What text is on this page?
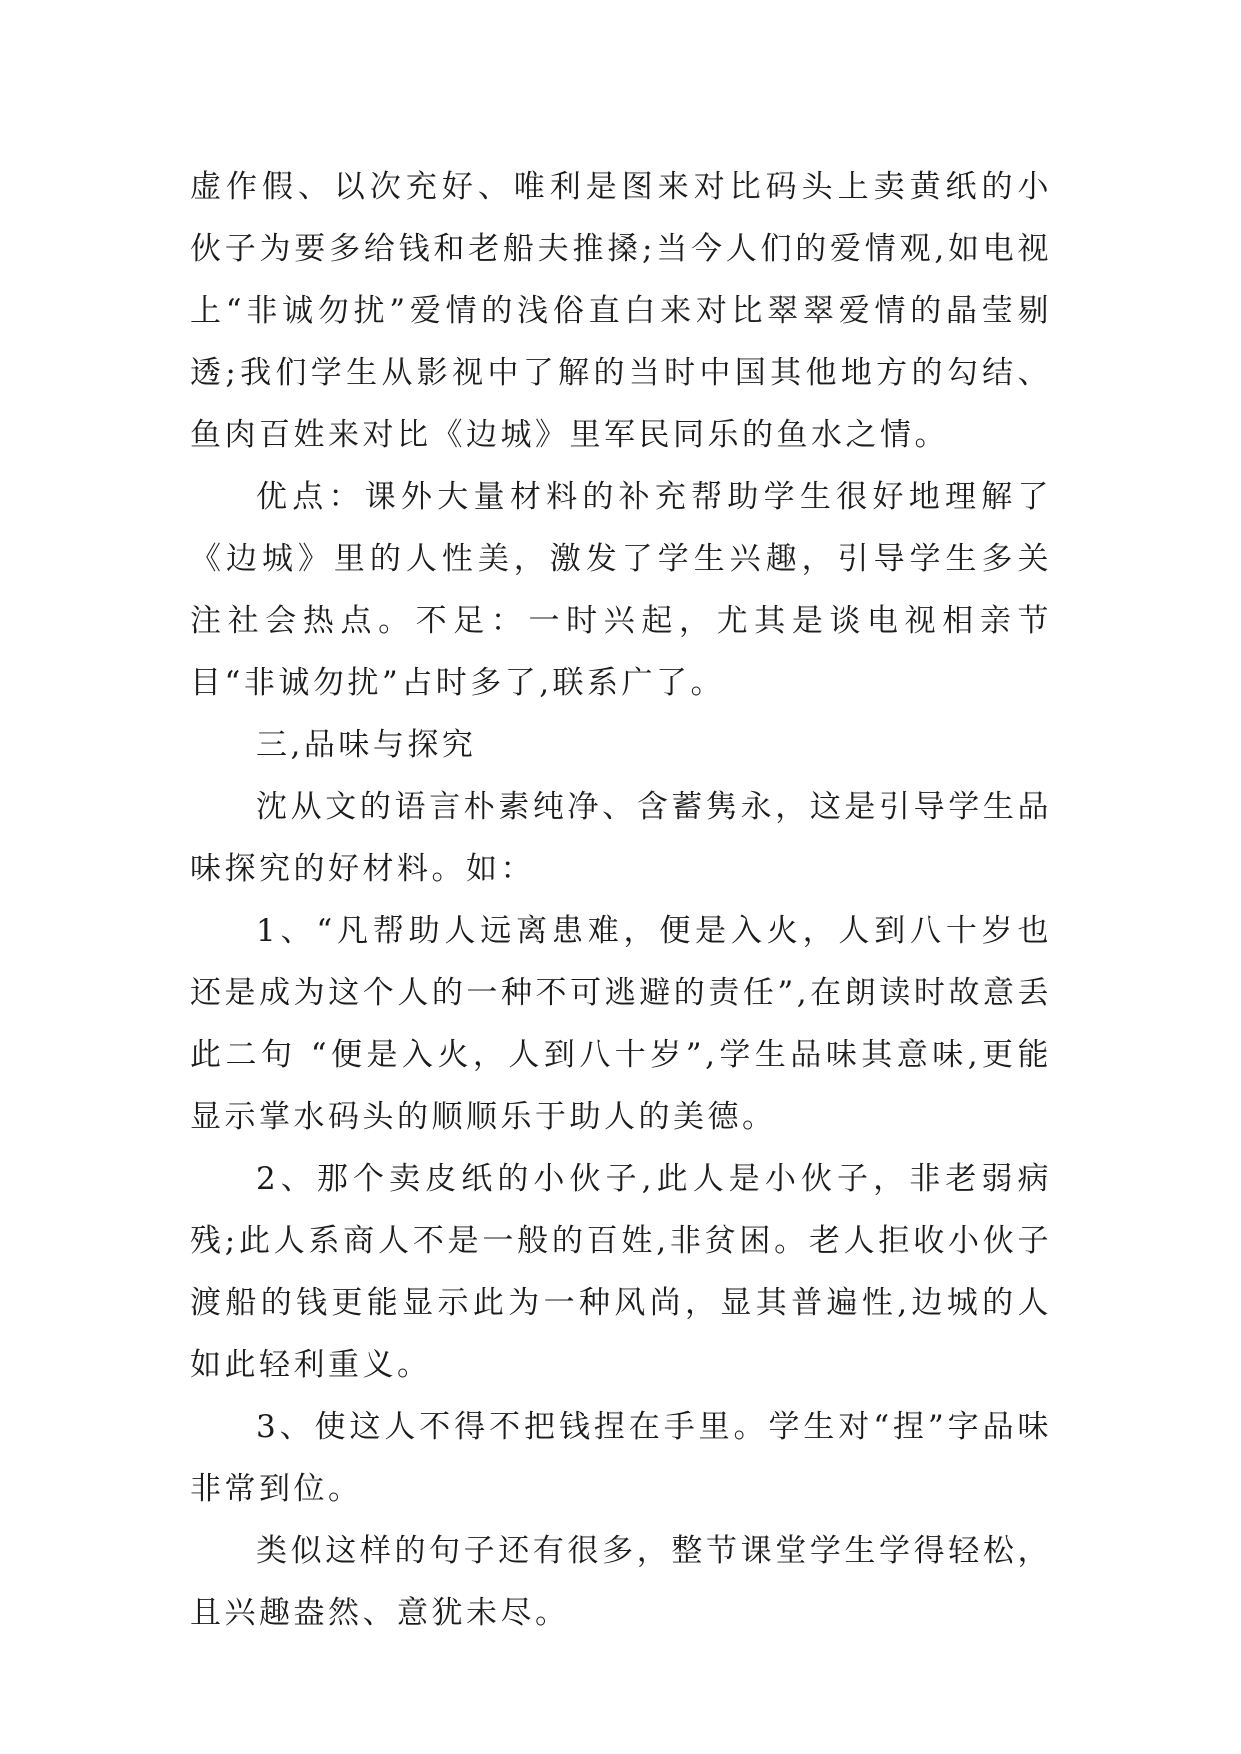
虚作假、以次充好、唯利是图来对比码头上卖黄纸的小伙子为要多给钱和老船夫推搡;当今人们的爱情观,如电视上“非诚勿扰”爱情的浅俗直白来对比翠翠爱情的晶莹剔透;我们学生从影视中了解的当时中国其他地方的勾结、鱼肉百姓来对比《边城》里军民同乐的鱼水之情。

优点：课外大量材料的补充帮助学生很好地理解了《边城》里的人性美，激发了学生兴趣，引导学生多关注社会热点。不足：一时兴起，尤其是谈电视相亲节目“非诚勿扰”占时多了,联系广了。

三,品味与探究

沈从文的语言朴素纯净、含蓄隽永，这是引导学生品味探究的好材料。如：

1、“凡帮助人远离患难，便是入火，人到八十岁也还是成为这个人的一种不可逃避的责任”,在朗读时故意丢此二句 “便是入火，人到八十岁”,学生品味其意味,更能显示掌水码头的顺顺乐于助人的美德。

2、那个卖皮纸的小伙子,此人是小伙子，非老弱病残;此人系商人不是一般的百姓,非贫困。老人拒收小伙子渡船的钱更能显示此为一种风尚，显其普遍性,边城的人如此轻利重义。

3、使这人不得不把钱捏在手里。学生对“捏”字品味非常到位。

类似这样的句子还有很多，整节课堂学生学得轻松，且兴趣盎然、意犹未尽。
